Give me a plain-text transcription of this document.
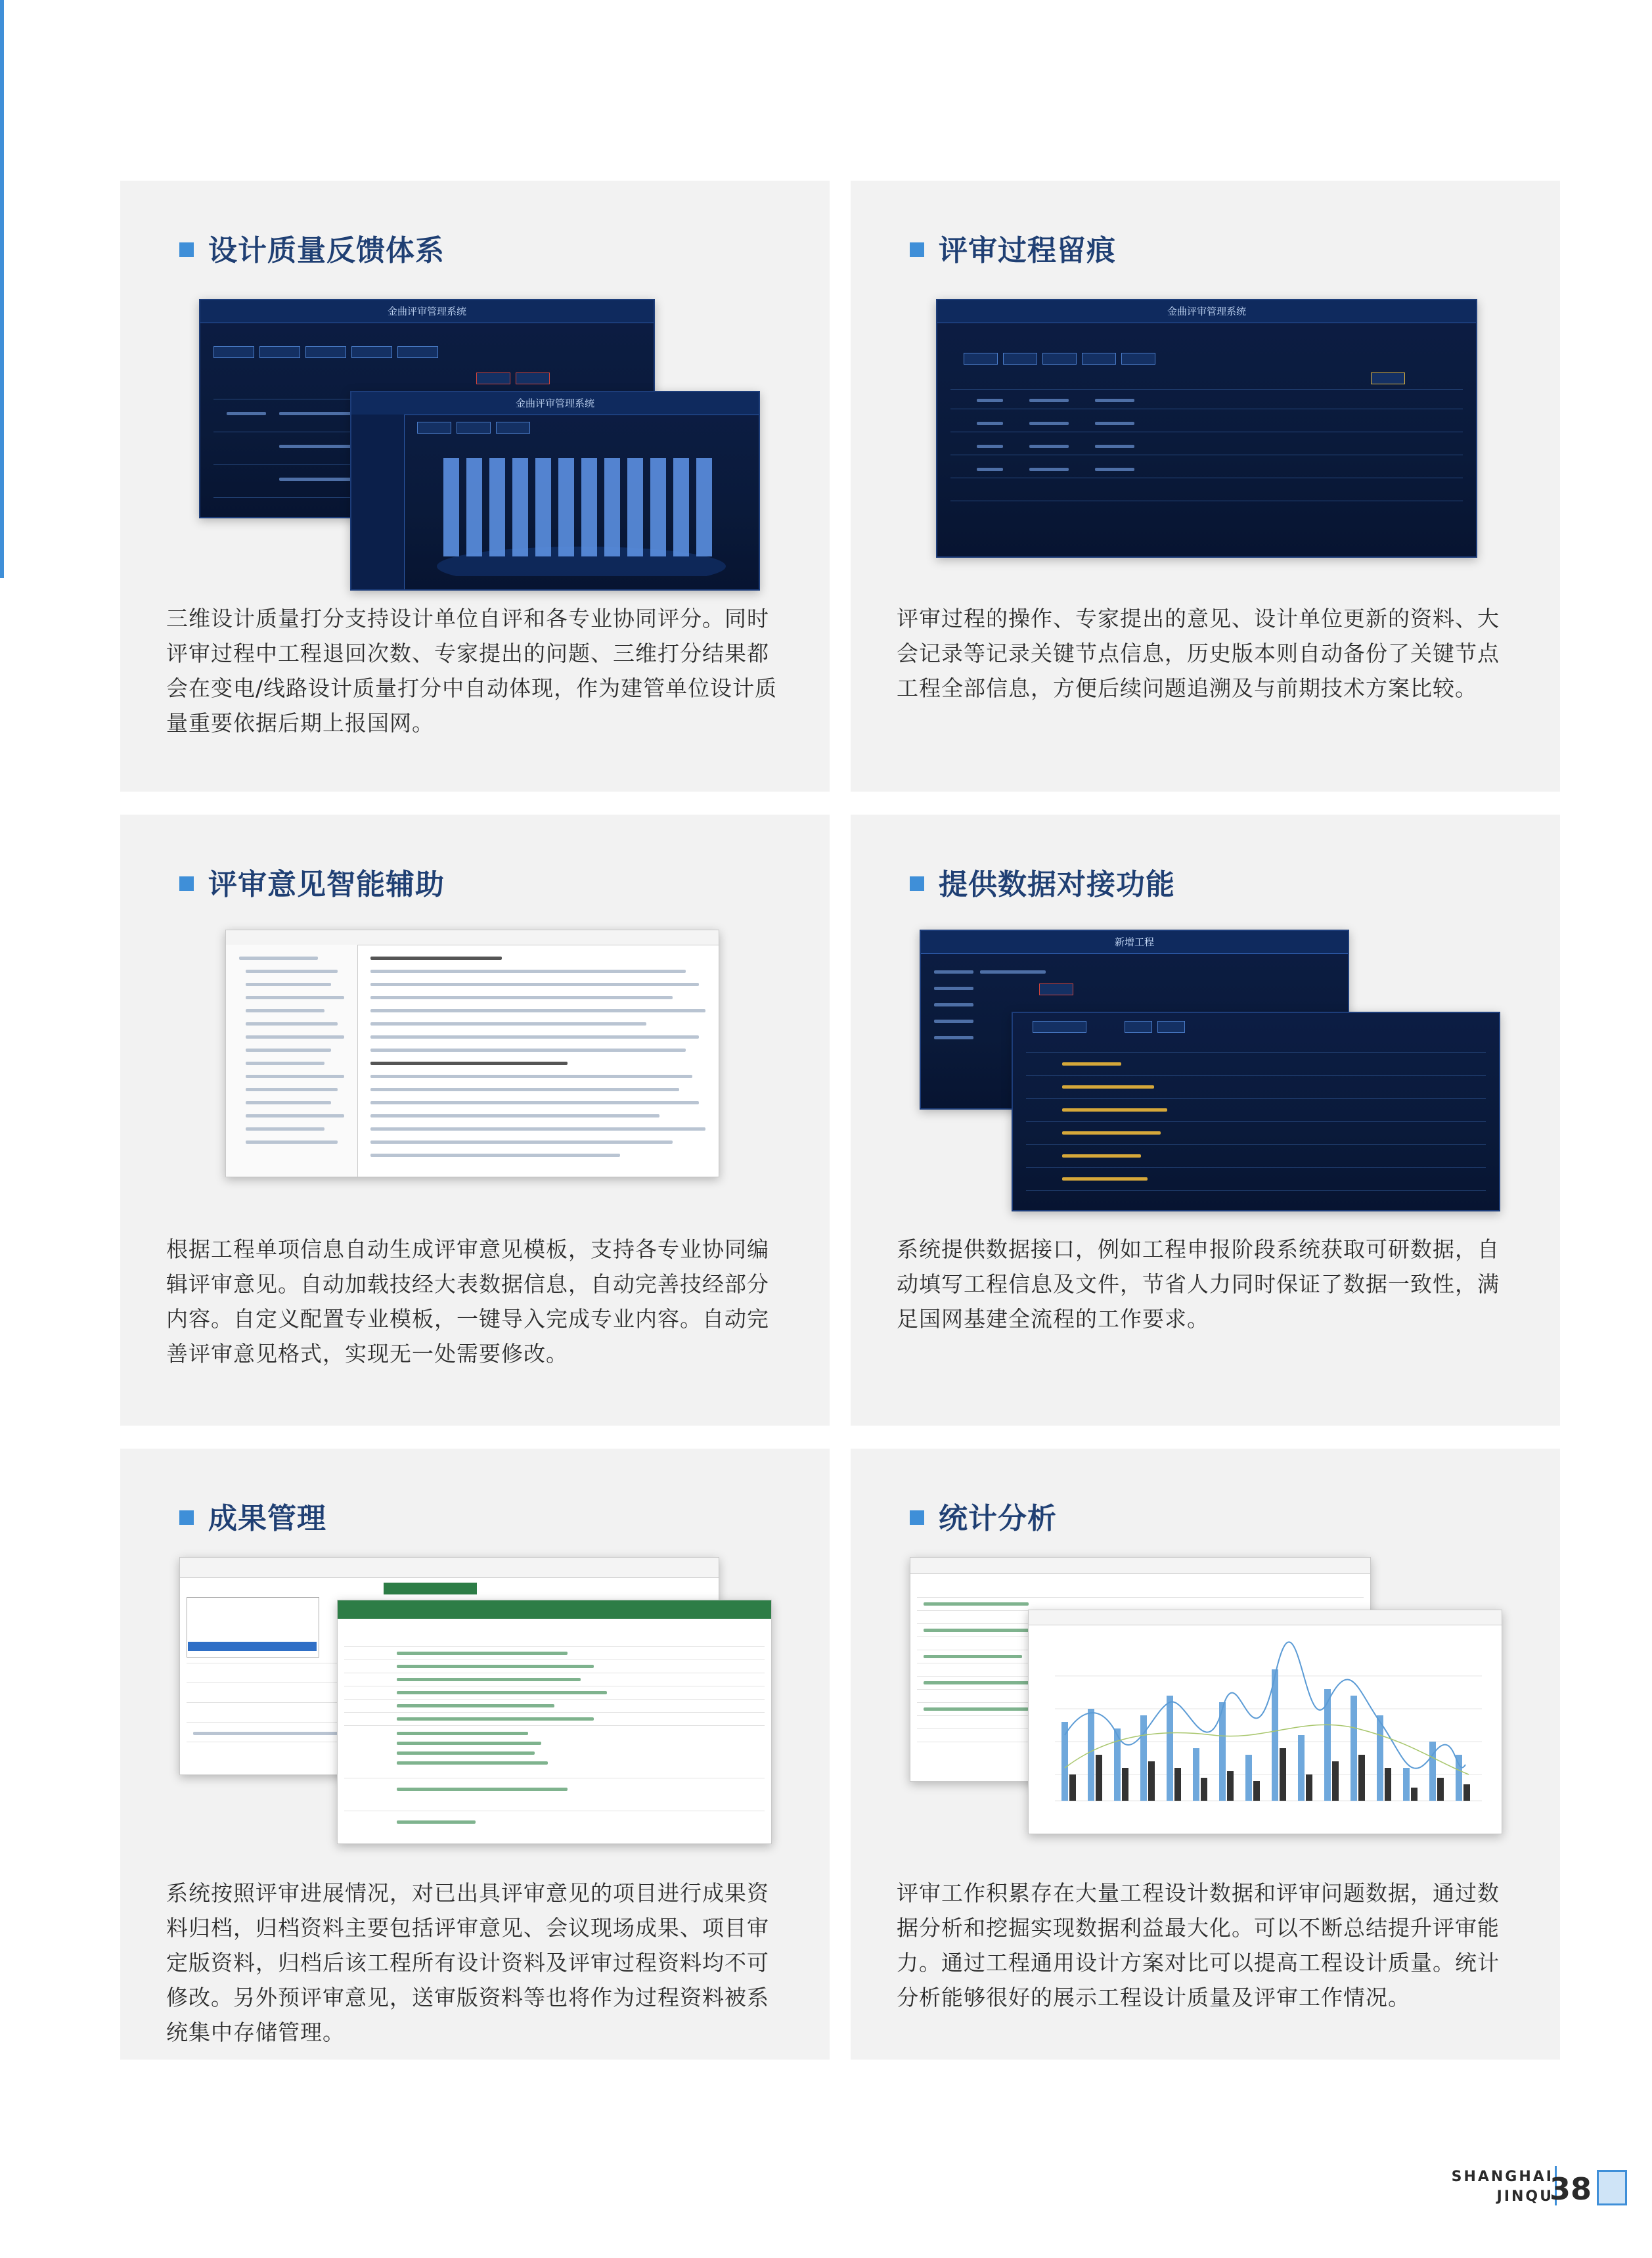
设计质量反馈体系
金曲评审管理系统
金曲评审管理系统
三维设计质量打分支持设计单位自评和各专业协同评分。同时评审过程中工程退回次数、专家提出的问题、三维打分结果都会在变电/线路设计质量打分中自动体现，作为建管单位设计质量重要依据后期上报国网。
评审过程留痕
金曲评审管理系统
评审过程的操作、专家提出的意见、设计单位更新的资料、大会记录等记录关键节点信息，历史版本则自动备份了关键节点工程全部信息，方便后续问题追溯及与前期技术方案比较。
评审意见智能辅助
根据工程单项信息自动生成评审意见模板，支持各专业协同编辑评审意见。自动加载技经大表数据信息，自动完善技经部分内容。自定义配置专业模板，一键导入完成专业内容。自动完善评审意见格式，实现无一处需要修改。
提供数据对接功能
新增工程
系统提供数据接口，例如工程申报阶段系统获取可研数据，自动填写工程信息及文件，节省人力同时保证了数据一致性，满足国网基建全流程的工作要求。
成果管理
系统按照评审进展情况，对已出具评审意见的项目进行成果资料归档，归档资料主要包括评审意见、会议现场成果、项目审定版资料，归档后该工程所有设计资料及评审过程资料均不可修改。另外预评审意见，送审版资料等也将作为过程资料被系统集中存储管理。
统计分析
评审工作积累存在大量工程设计数据和评审问题数据，通过数据分析和挖掘实现数据利益最大化。可以不断总结提升评审能力。通过工程通用设计方案对比可以提高工程设计质量。统计分析能够很好的展示工程设计质量及评审工作情况。
SHANGHAI
JINQU
38
